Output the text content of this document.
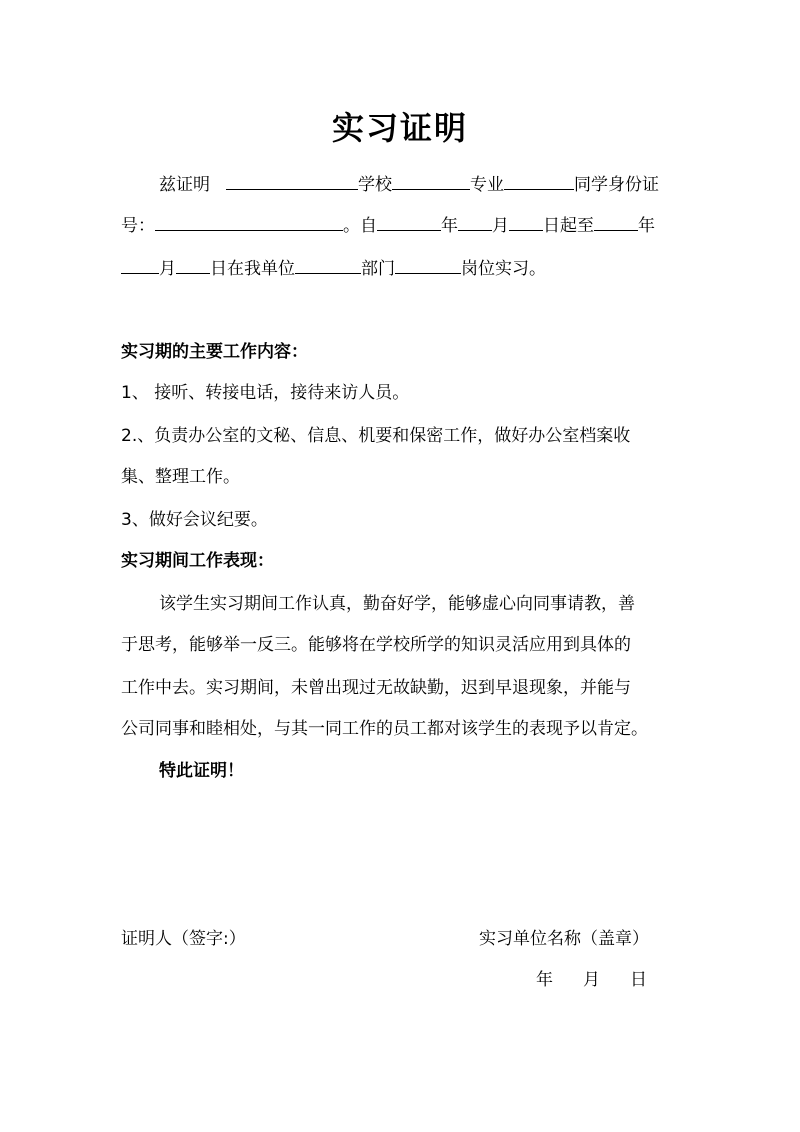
实习证明
兹证明	学校	专业	同学身份证
号：	。自	年 月 日起至	年
月 日在我单位	部门	岗位实习。
实习期的主要工作内容：
1、 接听、转接电话，接待来访人员。
2.、负责办公室的文秘、信息、机要和保密工作，做好办公室档案收
集、整理工作。
3、做好会议纪要。
实习期间工作表现：
该学生实习期间工作认真，勤奋好学，能够虚心向同事请教，善
于思考，能够举一反三。能够将在学校所学的知识灵活应用到具体的
工作中去。实习期间，未曾出现过无故缺勤，迟到早退现象，并能与
公司同事和睦相处，与其一同工作的员工都对该学生的表现予以肯定。
特此证明！
证明人（签字:）	实习单位名称（盖章）
年 月 日
